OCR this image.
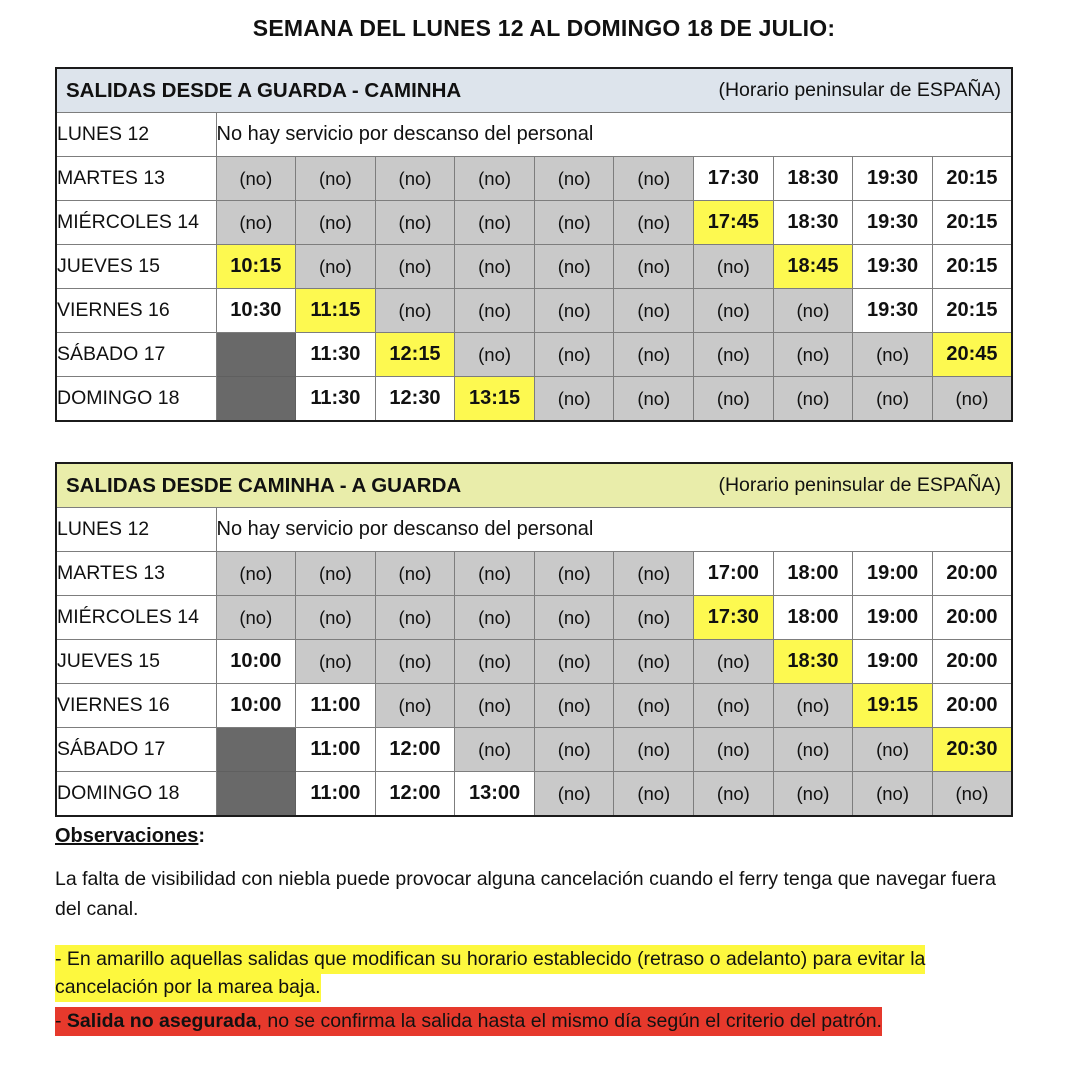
SEMANA DEL LUNES 12 AL DOMINGO 18 DE JULIO:
SALIDAS DESDE A GUARDA - CAMINHA (Horario peninsular de ESPAÑA)										

LUNES 12	No hay servicio por descanso del personal									
MARTES 13	(no)	(no)	(no)	(no)	(no)	(no)	17:30	18:30	19:30	20:15
MIÉRCOLES 14	(no)	(no)	(no)	(no)	(no)	(no)	17:45	18:30	19:30	20:15
JUEVES 15	10:15	(no)	(no)	(no)	(no)	(no)	(no)	18:45	19:30	20:15
VIERNES 16	10:30	11:15	(no)	(no)	(no)	(no)	(no)	(no)	19:30	20:15
SÁBADO 17		11:30	12:15	(no)	(no)	(no)	(no)	(no)	(no)	20:45
DOMINGO 18		11:30	12:30	13:15	(no)	(no)	(no)	(no)	(no)	(no)
SALIDAS DESDE CAMINHA - A GUARDA (Horario peninsular de ESPAÑA)										

LUNES 12	No hay servicio por descanso del personal									
MARTES 13	(no)	(no)	(no)	(no)	(no)	(no)	17:00	18:00	19:00	20:00
MIÉRCOLES 14	(no)	(no)	(no)	(no)	(no)	(no)	17:30	18:00	19:00	20:00
JUEVES 15	10:00	(no)	(no)	(no)	(no)	(no)	(no)	18:30	19:00	20:00
VIERNES 16	10:00	11:00	(no)	(no)	(no)	(no)	(no)	(no)	19:15	20:00
SÁBADO 17		11:00	12:00	(no)	(no)	(no)	(no)	(no)	(no)	20:30
DOMINGO 18		11:00	12:00	13:00	(no)	(no)	(no)	(no)	(no)	(no)

Observaciones:

La falta de visibilidad con niebla puede provocar alguna cancelación cuando el ferry tenga que navegar fuera del canal.

- En amarillo aquellas salidas que modifican su horario establecido (retraso o adelanto) para evitar la cancelación por la marea baja.

- Salida no asegurada, no se confirma la salida hasta el mismo día según el criterio del patrón.
